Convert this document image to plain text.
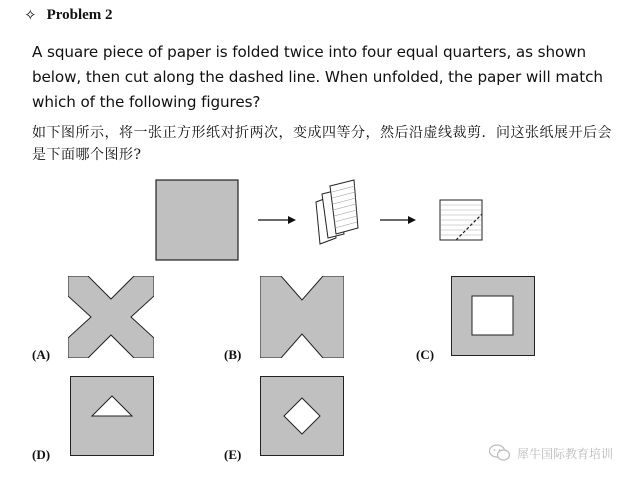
✧ Problem 2
A square piece of paper is folded twice into four equal quarters, as shown below, then cut along the dashed line. When unfolded, the paper will match which of the following figures?
如下图所示，将一张正方形纸对折两次，变成四等分，然后沿虚线裁剪．问这张纸展开后会是下面哪个图形?
(A)	(B)	(C)
(D)	(E)	犀牛国际教育培训
